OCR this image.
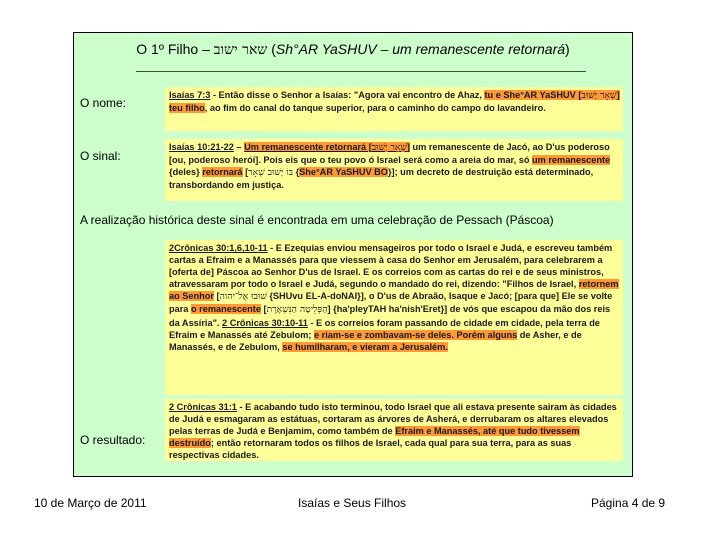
O 1º Filho – שאר ישוב (Sh°AR YaSHUV – um remanescente retornará)
O nome:
O sinal:
A realização histórica deste sinal é encontrada em uma celebração de Pessach (Páscoa)
O resultado:
Isaías 7:3 - Então disse o Senhor a Isaías: "Agora vai encontro de Ahaz, tu e She°AR YaSHUV [שְׁאָר יָשׁוּב] teu filho, ao fim do canal do tanque superior, para o caminho do campo do lavandeiro.
Isaías 10:21-22 – Um remanescente retornará [שְׁאָר יָשׁוּב] um remanescente de Jacó, ao D'us poderoso [ou, poderoso herói]. Pois eis que o teu povo ó Israel será como a areia do mar, só um remanescente {deles} retornará [בּוֹ יָשׁוּב שְׁאָר {She°AR YaSHUV BO}]; um decreto de destruição está determinado, transbordando em justiça.
2Crônicas 30:1,6,10-11 - E Ezequias enviou mensageiros por todo o Israel e Judá, e escreveu também cartas a Efraim e a Manassés para que viessem à casa do Senhor em Jerusalém, para celebrarem a [oferta de] Páscoa ao Senhor D'us de Israel. E os correios com as cartas do rei e de seus ministros, atravessaram por todo o Israel e Judá, segundo o mandado do rei, dizendo: "Filhos de Israel, retornem ao Senhor [שׁוּבוּ אֶל־יהוה {SHUvu EL-A-doNAI}], o D'us de Abraão, Isaque e Jacó; [para que] Ele se volte para o remanescente [הַפְּלֵיטָה הַנִּשְׁאֶרֶת] {ha'pleyTAH ha'nish'Eret}] de vós que escapou da mão dos reis da Assíria". 2 Crônicas 30:10-11 - E os correios foram passando de cidade em cidade, pela terra de Efraim e Manassés até Zebulom; e riam-se e zombavam-se deles. Porém alguns de Asher, e de Manassés, e de Zebulom, se humilharam, e vieram a Jerusalém.
2 Crônicas 31:1 - E acabando tudo isto terminou, todo Israel que ali estava presente sairam às cidades de Judá e esmagaram as estátuas, cortaram as árvores de Asherá, e derrubaram os altares elevados pelas terras de Judá e Benjamim, como também de Efraim e Manassés, até que tudo tivessem destruído; então retornaram todos os filhos de Israel, cada qual para sua terra, para as suas respectivas cidades.
10 de Março de 2011	Isaías e Seus Filhos	Página 4 de 9
